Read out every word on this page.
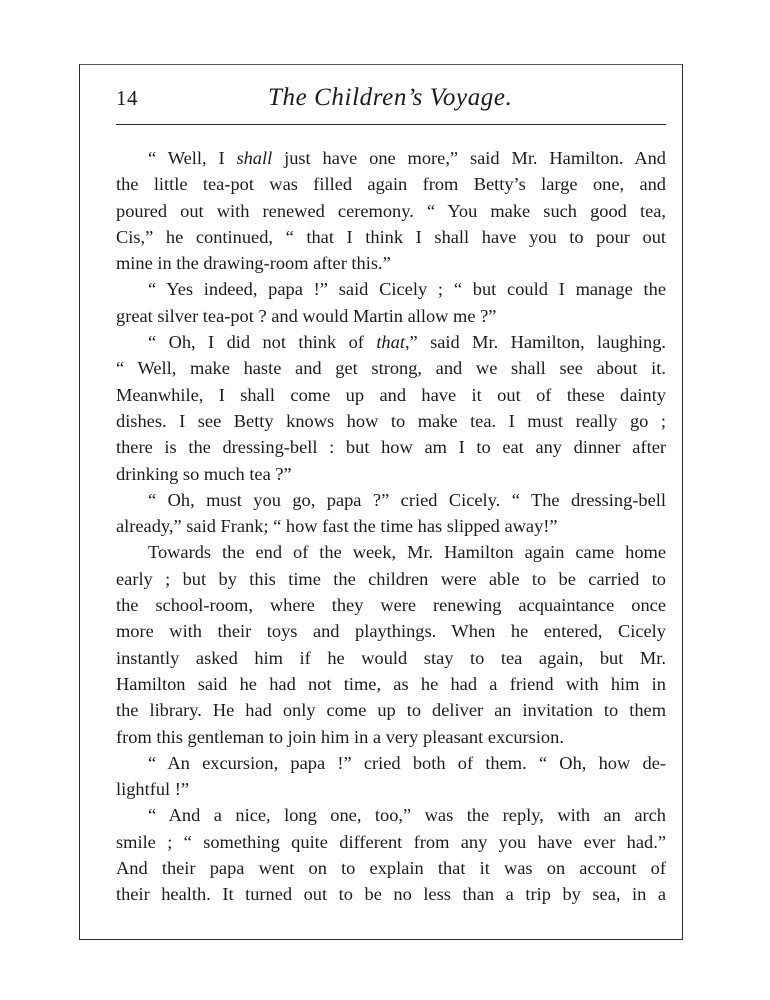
14	The Children’s Voyage.
“ Well, I shall just have one more,” said Mr. Hamilton. And
the little tea-pot was filled again from Betty’s large one, and
poured out with renewed ceremony. “ You make such good tea,
Cis,” he continued, “ that I think I shall have you to pour out
mine in the drawing-room after this.”
“ Yes indeed, papa !” said Cicely ; “ but could I manage the
great silver tea-pot ? and would Martin allow me ?”
“ Oh, I did not think of that,” said Mr. Hamilton, laughing.
“ Well, make haste and get strong, and we shall see about it.
Meanwhile, I shall come up and have it out of these dainty
dishes. I see Betty knows how to make tea. I must really go ;
there is the dressing-bell : but how am I to eat any dinner after
drinking so much tea ?”
“ Oh, must you go, papa ?” cried Cicely. “ The dressing-bell
already,” said Frank; “ how fast the time has slipped away!”
Towards the end of the week, Mr. Hamilton again came home
early ; but by this time the children were able to be carried to
the school-room, where they were renewing acquaintance once
more with their toys and playthings. When he entered, Cicely
instantly asked him if he would stay to tea again, but Mr.
Hamilton said he had not time, as he had a friend with him in
the library. He had only come up to deliver an invitation to them
from this gentleman to join him in a very pleasant excursion.
“ An excursion, papa !” cried both of them. “ Oh, how de-
lightful !”
“ And a nice, long one, too,” was the reply, with an arch
smile ; “ something quite different from any you have ever had.”
And their papa went on to explain that it was on account of
their health. It turned out to be no less than a trip by sea, in a
